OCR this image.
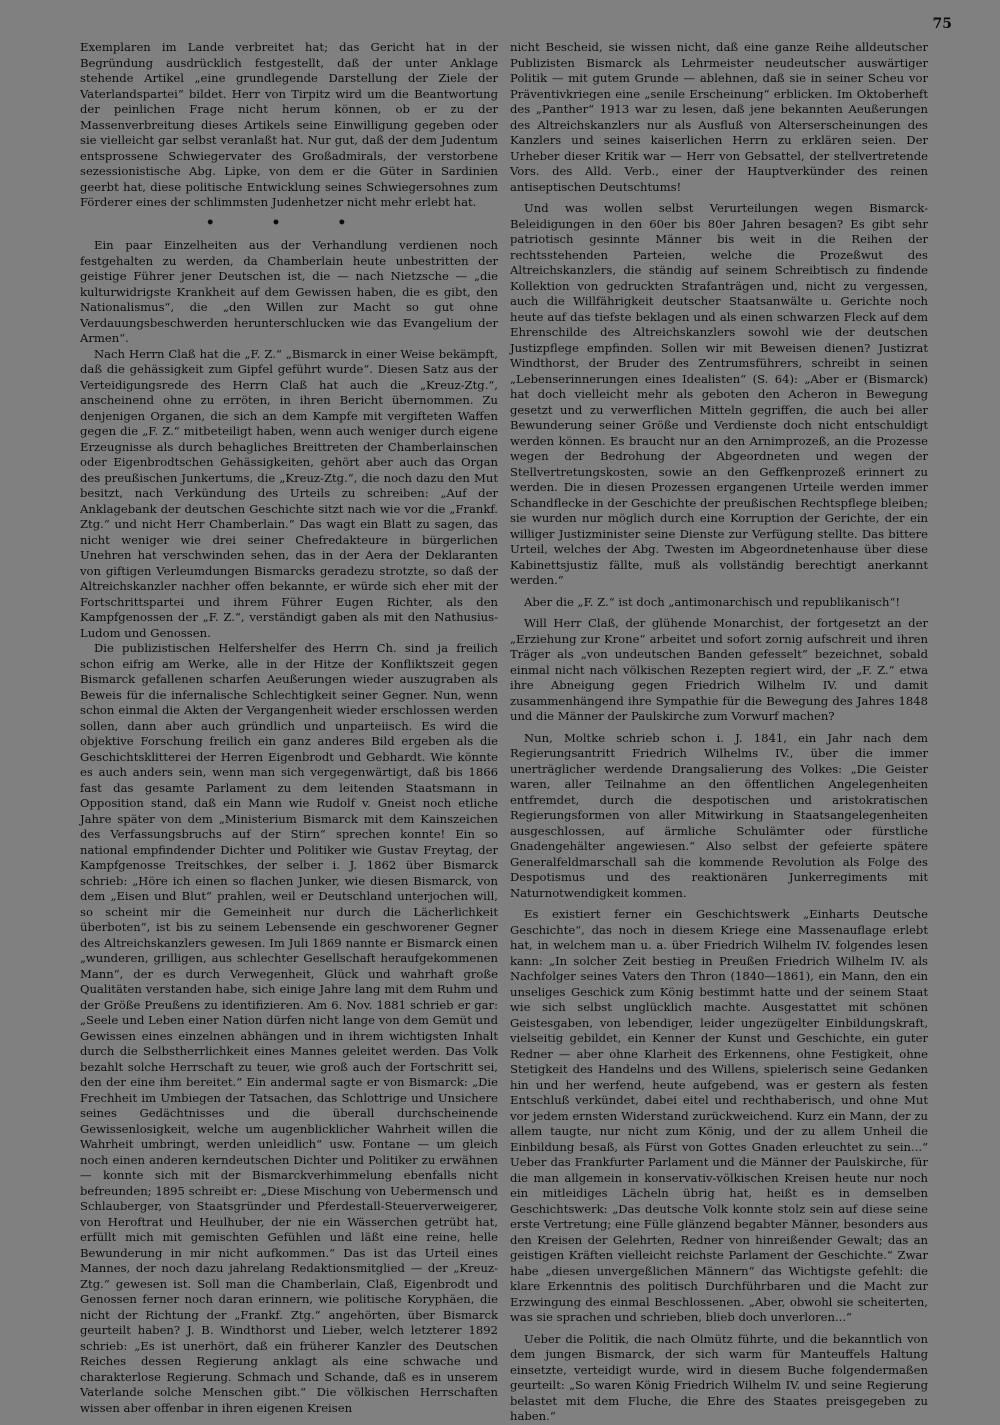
75

Exemplaren im Lande verbreitet hat; das Gericht hat in der Begründung ausdrücklich festgestellt, daß der unter Anklage stehende Artikel „eine grundlegende Darstellung der Ziele der Vaterlandspartei“ bildet. Herr von Tirpitz wird um die Beantwortung der peinlichen Frage nicht herum können, ob er zu der Massenverbreitung dieses Artikels seine Einwilligung gegeben oder sie vielleicht gar selbst veranlaßt hat. Nur gut, daß der dem Judentum entsprossene Schwiegervater des Großadmirals, der verstorbene sezessionistische Abg. Lipke, von dem er die Güter in Sardinien geerbt hat, diese politische Entwicklung seines Schwiegersohnes zum Förderer eines der schlimmsten Judenhetzer nicht mehr erlebt hat.

• • •

Ein paar Einzelheiten aus der Verhandlung verdienen noch festgehalten zu werden, da Chamberlain heute unbestritten der geistige Führer jener Deutschen ist, die — nach Nietzsche — „die kulturwidrigste Krankheit auf dem Gewissen haben, die es gibt, den Nationalismus“, die „den Willen zur Macht so gut ohne Verdauungsbeschwerden herunterschlucken wie das Evangelium der Armen“.

Nach Herrn Claß hat die „F. Z.“ „Bismarck in einer Weise bekämpft, daß die gehässigkeit zum Gipfel geführt wurde“. Diesen Satz aus der Verteidigungsrede des Herrn Claß hat auch die „Kreuz-Ztg.“, anscheinend ohne zu erröten, in ihren Bericht übernommen. Zu denjenigen Organen, die sich an dem Kampfe mit vergifteten Waffen gegen die „F. Z.“ mitbeteiligt haben, wenn auch weniger durch eigene Erzeugnisse als durch behagliches Breittreten der Chamberlainschen oder Eigenbrodtschen Gehässigkeiten, gehört aber auch das Organ des preußischen Junkertums, die „Kreuz-Ztg.“, die noch dazu den Mut besitzt, nach Verkündung des Urteils zu schreiben: „Auf der Anklagebank der deutschen Geschichte sitzt nach wie vor die „Frankf. Ztg.“ und nicht Herr Chamberlain.“ Das wagt ein Blatt zu sagen, das nicht weniger wie drei seiner Chefredakteure in bürgerlichen Unehren hat verschwinden sehen, das in der Aera der Deklaranten von giftigen Verleumdungen Bismarcks geradezu strotzte, so daß der Altreichskanzler nachher offen bekannte, er würde sich eher mit der Fortschrittspartei und ihrem Führer Eugen Richter, als den Kampfgenossen der „F. Z.“, verständigt gaben als mit den Nathusius-Ludom und Genossen.

Die publizistischen Helfershelfer des Herrn Ch. sind ja freilich schon eifrig am Werke, alle in der Hitze der Konfliktszeit gegen Bismarck gefallenen scharfen Aeußerungen wieder auszugraben als Beweis für die infernalische Schlechtigkeit seiner Gegner. Nun, wenn schon einmal die Akten der Vergangenheit wieder erschlossen werden sollen, dann aber auch gründlich und unparteiisch. Es wird die objektive Forschung freilich ein ganz anderes Bild ergeben als die Geschichtsklitterei der Herren Eigenbrodt und Gebhardt. Wie könnte es auch anders sein, wenn man sich vergegenwärtigt, daß bis 1866 fast das gesamte Parlament zu dem leitenden Staatsmann in Opposition stand, daß ein Mann wie Rudolf v. Gneist noch etliche Jahre später von dem „Ministerium Bismarck mit dem Kainszeichen des Verfassungsbruchs auf der Stirn“ sprechen konnte! Ein so national empfindender Dichter und Politiker wie Gustav Freytag, der Kampfgenosse Treitschkes, der selber i. J. 1862 über Bismarck schrieb: „Höre ich einen so flachen Junker, wie diesen Bismarck, von dem „Eisen und Blut“ prahlen, weil er Deutschland unterjochen will, so scheint mir die Gemeinheit nur durch die Lächerlichkeit überboten“, ist bis zu seinem Lebensende ein geschworener Gegner des Altreichskanzlers gewesen. Im Juli 1869 nannte er Bismarck einen „wunderen, grilligen, aus schlechter Gesellschaft heraufgekommenen Mann“, der es durch Verwegenheit, Glück und wahrhaft große Qualitäten verstanden habe, sich einige Jahre lang mit dem Ruhm und der Größe Preußens zu identifizieren. Am 6. Nov. 1881 schrieb er gar: „Seele und Leben einer Nation dürfen nicht lange von dem Gemüt und Gewissen eines einzelnen abhängen und in ihrem wichtigsten Inhalt durch die Selbstherrlichkeit eines Mannes geleitet werden. Das Volk bezahlt solche Herrschaft zu teuer, wie groß auch der Fortschritt sei, den der eine ihm bereitet.“ Ein andermal sagte er von Bismarck: „Die Frechheit im Umbiegen der Tatsachen, das Schlottrige und Unsichere seines Gedächtnisses und die überall durchscheinende Gewissenlosigkeit, welche um augenblicklicher Wahrheit willen die Wahrheit umbringt, werden unleidlich“ usw. Fontane — um gleich noch einen anderen kerndeutschen Dichter und Politiker zu erwähnen — konnte sich mit der Bismarckverhimmelung ebenfalls nicht befreunden; 1895 schreibt er: „Diese Mischung von Uebermensch und Schlauberger, von Staatsgründer und Pferdestall-Steuerverweigerer, von Heroftrat und Heulhuber, der nie ein Wässerchen getrübt hat, erfüllt mich mit gemischten Gefühlen und läßt eine reine, helle Bewunderung in mir nicht aufkommen.“ Das ist das Urteil eines Mannes, der noch dazu jahrelang Redaktionsmitglied — der „Kreuz-Ztg.“ gewesen ist. Soll man die Chamberlain, Claß, Eigenbrodt und Genossen ferner noch daran erinnern, wie politische Koryphäen, die nicht der Richtung der „Frankf. Ztg.“ angehörten, über Bismarck geurteilt haben? J. B. Windthorst und Lieber, welch letzterer 1892 schrieb: „Es ist unerhört, daß ein früherer Kanzler des Deutschen Reiches dessen Regierung anklagt als eine schwache und charakterlose Regierung. Schmach und Schande, daß es in unserem Vaterlande solche Menschen gibt.“ Die völkischen Herrschaften wissen aber offenbar in ihren eigenen Kreisen

nicht Bescheid, sie wissen nicht, daß eine ganze Reihe alldeutscher Publizisten Bismarck als Lehrmeister neudeutscher auswärtiger Politik — mit gutem Grunde — ablehnen, daß sie in seiner Scheu vor Präventivkriegen eine „senile Erscheinung“ erblicken. Im Oktoberheft des „Panther“ 1913 war zu lesen, daß jene bekannten Aeußerungen des Altreichskanzlers nur als Ausfluß von Alterserscheinungen des Kanzlers und seines kaiserlichen Herrn zu erklären seien. Der Urheber dieser Kritik war — Herr von Gebsattel, der stellvertretende Vors. des Alld. Verb., einer der Hauptverkünder des reinen antiseptischen Deutschtums!

Und was wollen selbst Verurteilungen wegen Bismarck-Beleidigungen in den 60er bis 80er Jahren besagen? Es gibt sehr patriotisch gesinnte Männer bis weit in die Reihen der rechtsstehenden Parteien, welche die Prozeßwut des Altreichskanzlers, die ständig auf seinem Schreibtisch zu findende Kollektion von gedruckten Strafanträgen und, nicht zu vergessen, auch die Willfährigkeit deutscher Staatsanwälte u. Gerichte noch heute auf das tiefste beklagen und als einen schwarzen Fleck auf dem Ehrenschilde des Altreichskanzlers sowohl wie der deutschen Justizpflege empfinden. Sollen wir mit Beweisen dienen? Justizrat Windthorst, der Bruder des Zentrumsführers, schreibt in seinen „Lebenserinnerungen eines Idealisten“ (S. 64): „Aber er (Bismarck) hat doch vielleicht mehr als geboten den Acheron in Bewegung gesetzt und zu verwerflichen Mitteln gegriffen, die auch bei aller Bewunderung seiner Größe und Verdienste doch nicht entschuldigt werden können. Es braucht nur an den Arnimprozeß, an die Prozesse wegen der Bedrohung der Abgeordneten und wegen der Stellvertretungskosten, sowie an den Geffkenprozeß erinnert zu werden. Die in diesen Prozessen ergangenen Urteile werden immer Schandflecke in der Geschichte der preußischen Rechtspflege bleiben; sie wurden nur möglich durch eine Korruption der Gerichte, der ein williger Justizminister seine Dienste zur Verfügung stellte. Das bittere Urteil, welches der Abg. Twesten im Abgeordnetenhause über diese Kabinettsjustiz fällte, muß als vollständig berechtigt anerkannt werden.“

Aber die „F. Z.“ ist doch „antimonarchisch und republikanisch“!

Will Herr Claß, der glühende Monarchist, der fortgesetzt an der „Erziehung zur Krone“ arbeitet und sofort zornig aufschreit und ihren Träger als „von undeutschen Banden gefesselt“ bezeichnet, sobald einmal nicht nach völkischen Rezepten regiert wird, der „F. Z.“ etwa ihre Abneigung gegen Friedrich Wilhelm IV. und damit zusammenhängend ihre Sympathie für die Bewegung des Jahres 1848 und die Männer der Paulskirche zum Vorwurf machen?

Nun, Moltke schrieb schon i. J. 1841, ein Jahr nach dem Regierungsantritt Friedrich Wilhelms IV., über die immer unerträglicher werdende Drangsalierung des Volkes: „Die Geister waren, aller Teilnahme an den öffentlichen Angelegenheiten entfremdet, durch die despotischen und aristokratischen Regierungsformen von aller Mitwirkung in Staatsangelegenheiten ausgeschlossen, auf ärmliche Schulämter oder fürstliche Gnadengehälter angewiesen.“ Also selbst der gefeierte spätere Generalfeldmarschall sah die kommende Revolution als Folge des Despotismus und des reaktionären Junkerregiments mit Naturnotwendigkeit kommen.

Es existiert ferner ein Geschichtswerk „Einharts Deutsche Geschichte“, das noch in diesem Kriege eine Massenauflage erlebt hat, in welchem man u. a. über Friedrich Wilhelm IV. folgendes lesen kann: „In solcher Zeit bestieg in Preußen Friedrich Wilhelm IV. als Nachfolger seines Vaters den Thron (1840—1861), ein Mann, den ein unseliges Geschick zum König bestimmt hatte und der seinem Staat wie sich selbst unglücklich machte. Ausgestattet mit schönen Geistesgaben, von lebendiger, leider ungezügelter Einbildungskraft, vielseitig gebildet, ein Kenner der Kunst und Geschichte, ein guter Redner — aber ohne Klarheit des Erkennens, ohne Festigkeit, ohne Stetigkeit des Handelns und des Willens, spielerisch seine Gedanken hin und her werfend, heute aufgebend, was er gestern als festen Entschluß verkündet, dabei eitel und rechthaberisch, und ohne Mut vor jedem ernsten Widerstand zurückweichend. Kurz ein Mann, der zu allem taugte, nur nicht zum König, und der zu allem Unheil die Einbildung besaß, als Fürst von Gottes Gnaden erleuchtet zu sein...“ Ueber das Frankfurter Parlament und die Männer der Paulskirche, für die man allgemein in konservativ-völkischen Kreisen heute nur noch ein mitleidiges Lächeln übrig hat, heißt es in demselben Geschichtswerk: „Das deutsche Volk konnte stolz sein auf diese seine erste Vertretung; eine Fülle glänzend begabter Männer, besonders aus den Kreisen der Gelehrten, Redner von hinreißender Gewalt; das an geistigen Kräften vielleicht reichste Parlament der Geschichte.“ Zwar habe „diesen unvergeßlichen Männern“ das Wichtigste gefehlt: die klare Erkenntnis des politisch Durchführbaren und die Macht zur Erzwingung des einmal Beschlossenen. „Aber, obwohl sie scheiterten, was sie sprachen und schrieben, blieb doch unverloren...“

Ueber die Politik, die nach Olmütz führte, und die bekanntlich von dem jungen Bismarck, der sich warm für Manteuffels Haltung einsetzte, verteidigt wurde, wird in diesem Buche folgendermaßen geurteilt: „So waren König Friedrich Wilhelm IV. und seine Regierung belastet mit dem Fluche, die Ehre des Staates preisgegeben zu haben.“
